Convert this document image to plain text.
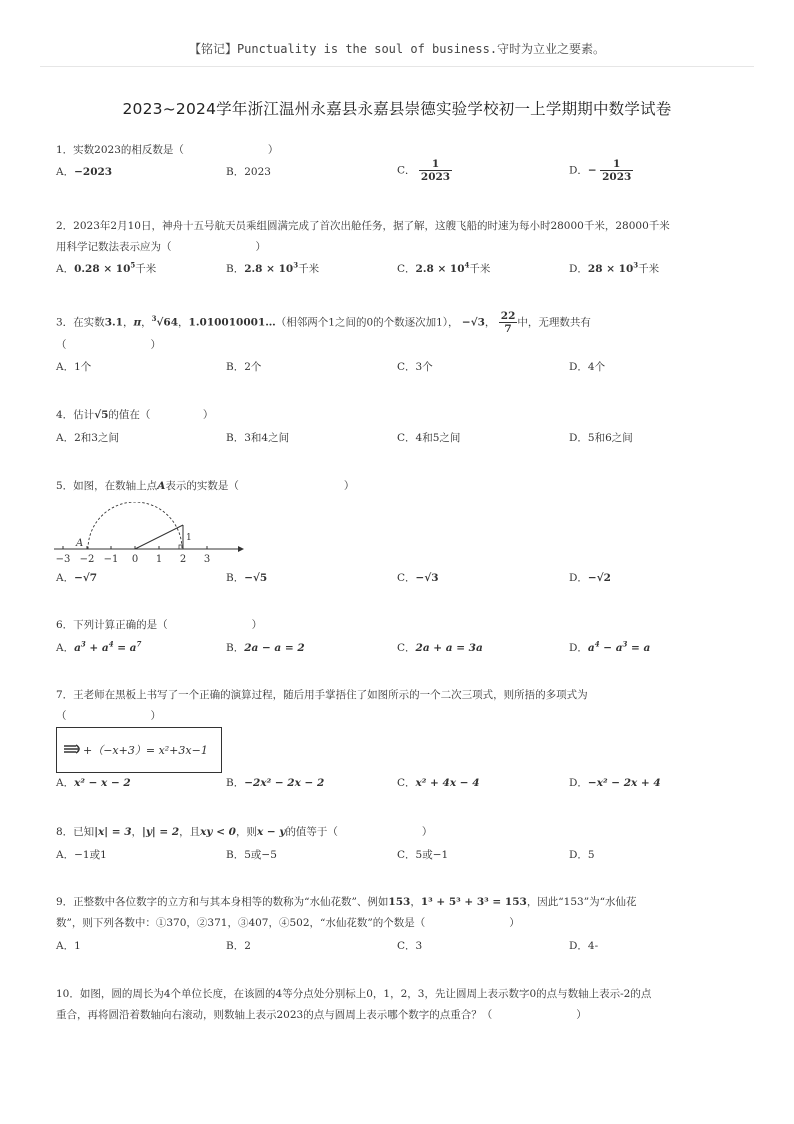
【铭记】Punctuality is the soul of business.守时为立业之要素。
2023~2024学年浙江温州永嘉县永嘉县崇德实验学校初一上学期期中数学试卷
1．实数2023的相反数是（　　　　　　　　）
A．−2023	B．2023	C． $\frac{1}{2023}$	D．− $\frac{1}{2023}$
2．2023年2月10日，神舟十五号航天员乘组圆满完成了首次出舱任务，据了解，这艘飞船的时速为每小时28000千米，28000千米
用科学记数法表示应为（　　　　　　　　）
A．$0.28 \times 10^5$千米	B．$2.8 \times 10^3$千米	C．$2.8 \times 10^4$千米	D．$28 \times 10^3$千米
3．在实数3.1，π，$^3$√64，1.010010001…（相邻两个1之间的0的个数逐次加1）， −√3， $\frac{22}{7}$ 中，无理数共有
（　　　　　　　　）
A．1个	B．2个	C．3个	D．4个
4．估计√5的值在（　　　　　）
A．2和3之间	B．3和4之间	C．4和5之间	D．5和6之间
5．如图，在数轴上点A表示的实数是（　　　　　　　　　　）
A	1
−3 −2 −1 0 1 2 3
A．−√7	B．−√5	C．−√3	D．−√2
6．下列计算正确的是（　　　　　　　　）
A．$a^3 + a^4 = a^7$	B．2a − a = 2	C．2a + a = 3a	D．$a^4 - a^3 = a$
7．王老师在黑板上书写了一个正确的演算过程，随后用手掌捂住了如图所示的一个二次三项式，则所捂的多项式为
（　　　　　　　　）
+（−x+3）= x²+3x−1
A．x² − x − 2	B．−2x² − 2x − 2	C．x² + 4x − 4	D．−x² − 2x + 4
8．已知|x| = 3，|y| = 2，且xy < 0，则x − y的值等于（　　　　　　　　）
A．−1或1	B．5或−5	C．5或−1	D．5
9．正整数中各位数字的立方和与其本身相等的数称为“水仙花数”、例如153，1³ + 5³ + 3³ = 153，因此“153”为“水仙花
数”，则下列各数中：①370，②371，③407，④502，“水仙花数”的个数是（　　　　　　　　）
A．1	B．2	C．3	D．4-
10．如图，圆的周长为4个单位长度，在该圆的4等分点处分别标上0，1，2，3，先让圆周上表示数字0的点与数轴上表示-2的点
重合，再将圆沿着数轴向右滚动，则数轴上表示2023的点与圆周上表示哪个数字的点重合？（　　　　　　　　）
